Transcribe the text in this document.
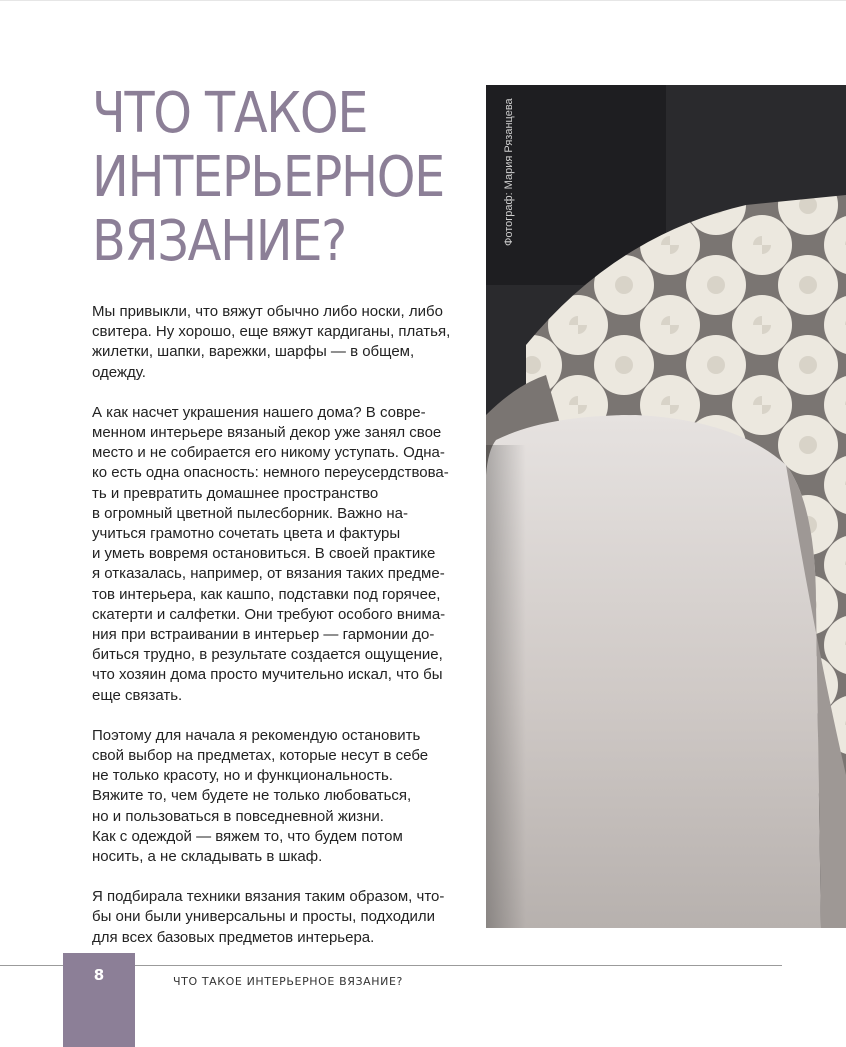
ЧТО ТАКОЕ
ИНТЕРЬЕРНОЕ
ВЯЗАНИЕ?

Мы привыкли, что вяжут обычно либо носки, либо
свитера. Ну хорошо, еще вяжут кардиганы, платья,
жилетки, шапки, варежки, шарфы — в общем,
одежду.

А как насчет украшения нашего дома? В совре-
менном интерьере вязаный декор уже занял свое
место и не собирается его никому уступать. Одна-
ко есть одна опасность: немного переусердствова-
ть и превратить домашнее пространство
в огромный цветной пылесборник. Важно на-
учиться грамотно сочетать цвета и фактуры
и уметь вовремя остановиться. В своей практике
я отказалась, например, от вязания таких предме-
тов интерьера, как кашпо, подставки под горячее,
скатерти и салфетки. Они требуют особого внима-
ния при встраивании в интерьер — гармонии до-
биться трудно, в результате создается ощущение,
что хозяин дома просто мучительно искал, что бы
еще связать.

Поэтому для начала я рекомендую остановить
свой выбор на предметах, которые несут в себе
не только красоту, но и функциональность.
Вяжите то, чем будете не только любоваться,
но и пользоваться в повседневной жизни.
Как с одеждой — вяжем то, что будем потом
носить, а не складывать в шкаф.

Я подбирала техники вязания таким образом, что-
бы они были универсальны и просты, подходили
для всех базовых предметов интерьера.

Фотограф: Мария Рязанцева
8	ЧТО ТАКОЕ ИНТЕРЬЕРНОЕ ВЯЗАНИЕ?
